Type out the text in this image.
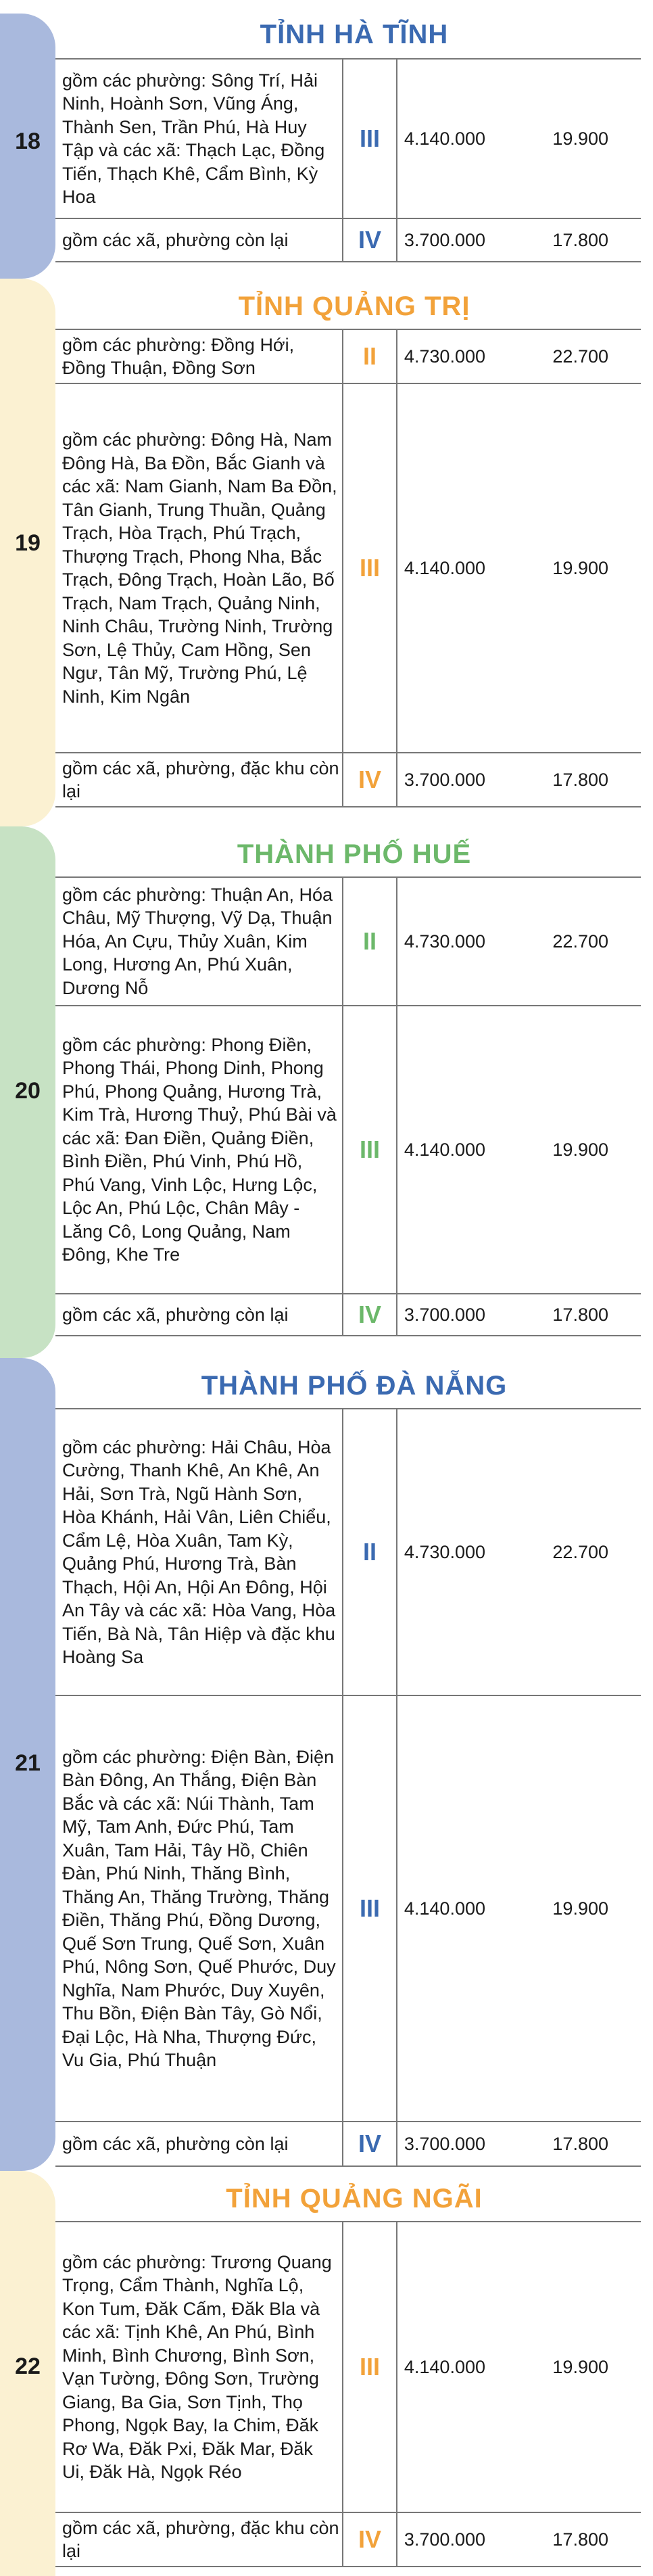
18
TỈNH HÀ TĨNH
gồm các phường: Sông Trí, Hải Ninh, Hoành Sơn, Vũng Áng, Thành Sen, Trần Phú, Hà Huy Tập và các xã: Thạch Lạc, Đồng Tiến, Thạch Khê, Cẩm Bình, Kỳ Hoa	III	4.140.000	19.900
gồm các xã, phường còn lại	IV	3.700.000	17.800
19
TỈNH QUẢNG TRỊ
gồm các phường: Đồng Hới, Đồng Thuận, Đồng Sơn	II	4.730.000	22.700
gồm các phường: Đông Hà, Nam Đông Hà, Ba Đồn, Bắc Gianh và các xã: Nam Gianh, Nam Ba Đồn, Tân Gianh, Trung Thuần, Quảng Trạch, Hòa Trạch, Phú Trạch, Thượng Trạch, Phong Nha, Bắc Trạch, Đông Trạch, Hoàn Lão, Bố Trạch, Nam Trạch, Quảng Ninh, Ninh Châu, Trường Ninh, Trường Sơn, Lệ Thủy, Cam Hồng, Sen Ngư, Tân Mỹ, Trường Phú, Lệ Ninh, Kim Ngân	III	4.140.000	19.900
gồm các xã, phường, đặc khu còn lại	IV	3.700.000	17.800
20
THÀNH PHỐ HUẾ
gồm các phường: Thuận An, Hóa Châu, Mỹ Thượng, Vỹ Dạ, Thuận Hóa, An Cựu, Thủy Xuân, Kim Long, Hương An, Phú Xuân, Dương Nỗ	II	4.730.000	22.700
gồm các phường: Phong Điền, Phong Thái, Phong Dinh, Phong Phú, Phong Quảng, Hương Trà, Kim Trà, Hương Thuỷ, Phú Bài và các xã: Đan Điền, Quảng Điền, Bình Điền, Phú Vinh, Phú Hồ, Phú Vang, Vinh Lộc, Hưng Lộc, Lộc An, Phú Lộc, Chân Mây - Lăng Cô, Long Quảng, Nam Đông, Khe Tre	III	4.140.000	19.900
gồm các xã, phường còn lại	IV	3.700.000	17.800
21
THÀNH PHỐ ĐÀ NẴNG
gồm các phường: Hải Châu, Hòa Cường, Thanh Khê, An Khê, An Hải, Sơn Trà, Ngũ Hành Sơn, Hòa Khánh, Hải Vân, Liên Chiểu, Cẩm Lệ, Hòa Xuân, Tam Kỳ, Quảng Phú, Hương Trà, Bàn Thạch, Hội An, Hội An Đông, Hội An Tây và các xã: Hòa Vang, Hòa Tiến, Bà Nà, Tân Hiệp và đặc khu Hoàng Sa	II	4.730.000	22.700
gồm các phường: Điện Bàn, Điện Bàn Đông, An Thắng, Điện Bàn Bắc và các xã: Núi Thành, Tam Mỹ, Tam Anh, Đức Phú, Tam Xuân, Tam Hải, Tây Hồ, Chiên Đàn, Phú Ninh, Thăng Bình, Thăng An, Thăng Trường, Thăng Điền, Thăng Phú, Đồng Dương, Quế Sơn Trung, Quế Sơn, Xuân Phú, Nông Sơn, Quế Phước, Duy Nghĩa, Nam Phước, Duy Xuyên, Thu Bồn, Điện Bàn Tây, Gò Nổi, Đại Lộc, Hà Nha, Thượng Đức, Vu Gia, Phú Thuận	III	4.140.000	19.900
gồm các xã, phường còn lại	IV	3.700.000	17.800
22
TỈNH QUẢNG NGÃI
gồm các phường: Trương Quang Trọng, Cẩm Thành, Nghĩa Lộ, Kon Tum, Đăk Cấm, Đăk Bla và các xã: Tịnh Khê, An Phú, Bình Minh, Bình Chương, Bình Sơn, Vạn Tường, Đông Sơn, Trường Giang, Ba Gia, Sơn Tịnh, Thọ Phong, Ngọk Bay, Ia Chim, Đăk Rơ Wa, Đăk Pxi, Đăk Mar, Đăk Ui, Đăk Hà, Ngọk Réo	III	4.140.000	19.900
gồm các xã, phường, đặc khu còn lại	IV	3.700.000	17.800
